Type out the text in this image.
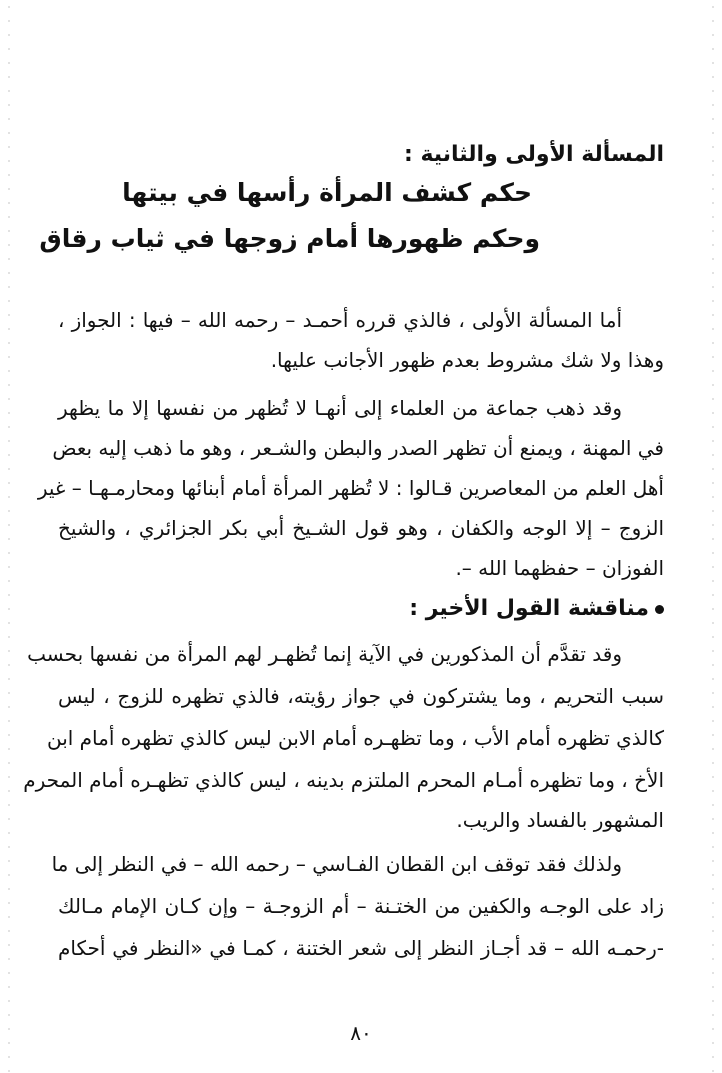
المسألة الأولى والثانية :
حكم كشف المرأة رأسها في بيتها
وحكم ظهورها أمام زوجها في ثياب رقاق
أما المسألة الأولى ، فالذي قرره أحمـد – رحمه الله – فيها : الجواز ،
وهذا ولا شك مشروط بعدم ظهور الأجانب عليها.
وقد ذهب جماعة من العلماء إلى أنهـا لا تُظهر من نفسها إلا ما يظهر
في المهنة ، ويمنع أن تظهر الصدر والبطن والشـعر ، وهو ما ذهب إليه بعض
أهل العلم من المعاصرين قـالوا : لا تُظهر المرأة أمام أبنائها ومحارمـهـا – غير
الزوج – إلا الوجه والكفان ، وهو قول الشـيخ أبي بكر الجزائري ، والشيخ
الفوزان – حفظهما الله –.
مناقشة القول الأخير :
وقد تقدَّم أن المذكورين في الآية إنما تُظهـر لهم المرأة من نفسها بحسب
سبب التحريم ، وما يشتركون في جواز رؤيته، فالذي تظهره للزوج ، ليس
كالذي تظهره أمام الأب ، وما تظهـره أمام الابن ليس كالذي تظهره أمام ابن
الأخ ، وما تظهره أمـام المحرم الملتزم بدينه ، ليس كالذي تظهـره أمام المحرم
المشهور بالفساد والريب.
ولذلك فقد توقف ابن القطان الفـاسي – رحمه الله – في النظر إلى ما
زاد على الوجـه والكفين من الختـنة – أم الزوجـة – وإن كـان الإمام مـالك
-رحمـه الله – قد أجـاز النظر إلى شعر الختنة ، كمـا في «النظر في أحكام
٨٠
